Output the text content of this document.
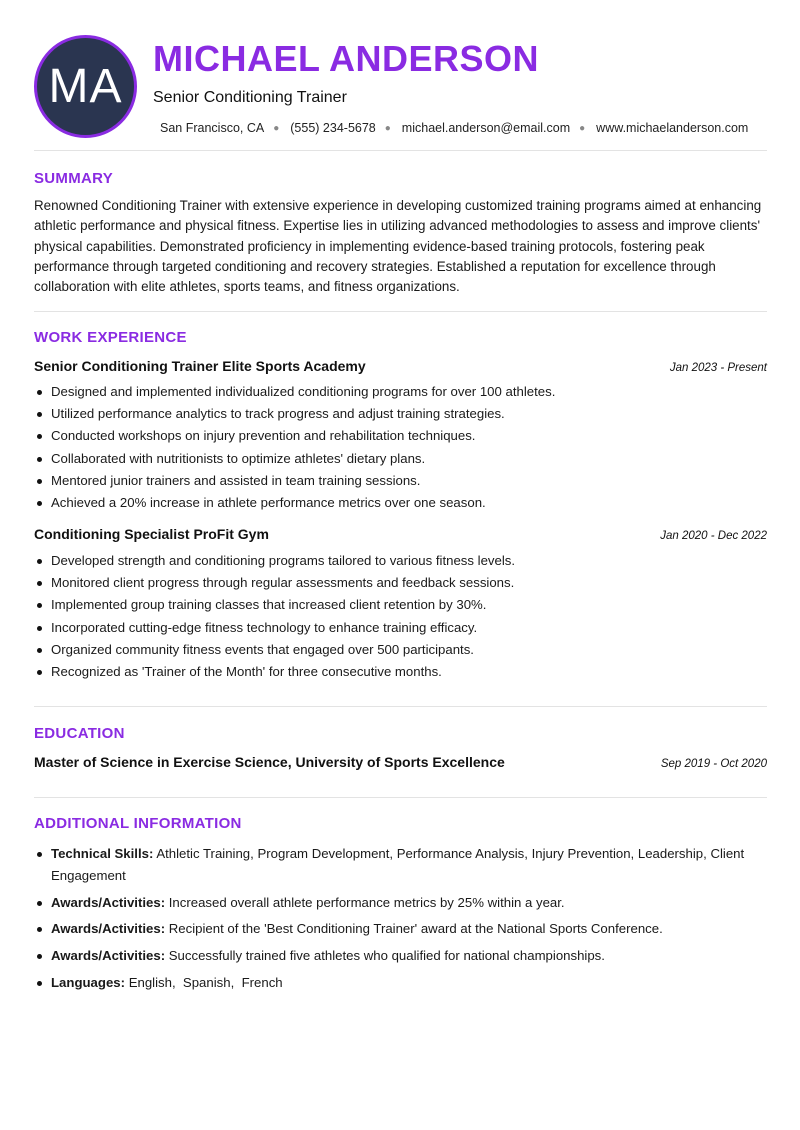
MA
MICHAEL ANDERSON
Senior Conditioning Trainer
San Francisco, CA ● (555) 234-5678 ● michael.anderson@email.com ● www.michaelanderson.com
SUMMARY
Renowned Conditioning Trainer with extensive experience in developing customized training programs aimed at enhancing athletic performance and physical fitness. Expertise lies in utilizing advanced methodologies to assess and improve clients' physical capabilities. Demonstrated proficiency in implementing evidence-based training protocols, fostering peak performance through targeted conditioning and recovery strategies. Established a reputation for excellence through collaboration with elite athletes, sports teams, and fitness organizations.
WORK EXPERIENCE
Senior Conditioning Trainer Elite Sports Academy	Jan 2023 - Present
Designed and implemented individualized conditioning programs for over 100 athletes.
Utilized performance analytics to track progress and adjust training strategies.
Conducted workshops on injury prevention and rehabilitation techniques.
Collaborated with nutritionists to optimize athletes' dietary plans.
Mentored junior trainers and assisted in team training sessions.
Achieved a 20% increase in athlete performance metrics over one season.
Conditioning Specialist ProFit Gym	Jan 2020 - Dec 2022
Developed strength and conditioning programs tailored to various fitness levels.
Monitored client progress through regular assessments and feedback sessions.
Implemented group training classes that increased client retention by 30%.
Incorporated cutting-edge fitness technology to enhance training efficacy.
Organized community fitness events that engaged over 500 participants.
Recognized as 'Trainer of the Month' for three consecutive months.
EDUCATION
Master of Science in Exercise Science, University of Sports Excellence	Sep 2019 - Oct 2020
ADDITIONAL INFORMATION
Technical Skills: Athletic Training, Program Development, Performance Analysis, Injury Prevention, Leadership, Client Engagement
Awards/Activities: Increased overall athlete performance metrics by 25% within a year.
Awards/Activities: Recipient of the 'Best Conditioning Trainer' award at the National Sports Conference.
Awards/Activities: Successfully trained five athletes who qualified for national championships.
Languages: English,  Spanish,  French
